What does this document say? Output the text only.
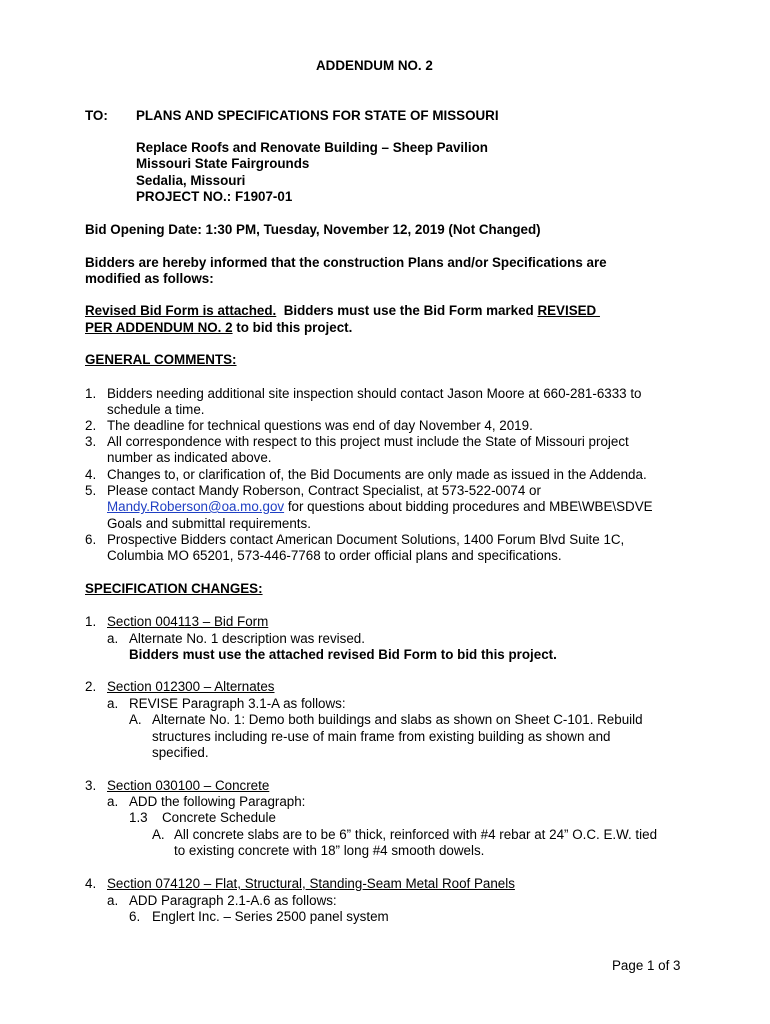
ADDENDUM NO. 2
TO: PLANS AND SPECIFICATIONS FOR STATE OF MISSOURI
Replace Roofs and Renovate Building – Sheep Pavilion
Missouri State Fairgrounds
Sedalia, Missouri
PROJECT NO.: F1907-01
Bid Opening Date: 1:30 PM, Tuesday, November 12, 2019 (Not Changed)
Bidders are hereby informed that the construction Plans and/or Specifications are
modified as follows:
Revised Bid Form is attached.  Bidders must use the Bid Form marked REVISED
PER ADDENDUM NO. 2 to bid this project.
GENERAL COMMENTS:
1. Bidders needing additional site inspection should contact Jason Moore at 660-281-6333 to
schedule a time.
2. The deadline for technical questions was end of day November 4, 2019.
3. All correspondence with respect to this project must include the State of Missouri project
number as indicated above.
4. Changes to, or clarification of, the Bid Documents are only made as issued in the Addenda.
5. Please contact Mandy Roberson, Contract Specialist, at 573-522-0074 or
Mandy.Roberson@oa.mo.gov for questions about bidding procedures and MBE\WBE\SDVE
Goals and submittal requirements.
6. Prospective Bidders contact American Document Solutions, 1400 Forum Blvd Suite 1C,
Columbia MO 65201, 573-446-7768 to order official plans and specifications.
SPECIFICATION CHANGES:
1. Section 004113 – Bid Form
a. Alternate No. 1 description was revised.
Bidders must use the attached revised Bid Form to bid this project.
2. Section 012300 – Alternates
a. REVISE Paragraph 3.1-A as follows:
A. Alternate No. 1: Demo both buildings and slabs as shown on Sheet C-101. Rebuild
structures including re-use of main frame from existing building as shown and
specified.
3. Section 030100 – Concrete
a. ADD the following Paragraph:
1.3 Concrete Schedule
A. All concrete slabs are to be 6” thick, reinforced with #4 rebar at 24” O.C. E.W. tied
to existing concrete with 18” long #4 smooth dowels.
4. Section 074120 – Flat, Structural, Standing-Seam Metal Roof Panels
a. ADD Paragraph 2.1-A.6 as follows:
6. Englert Inc. – Series 2500 panel system
Page 1 of 3
